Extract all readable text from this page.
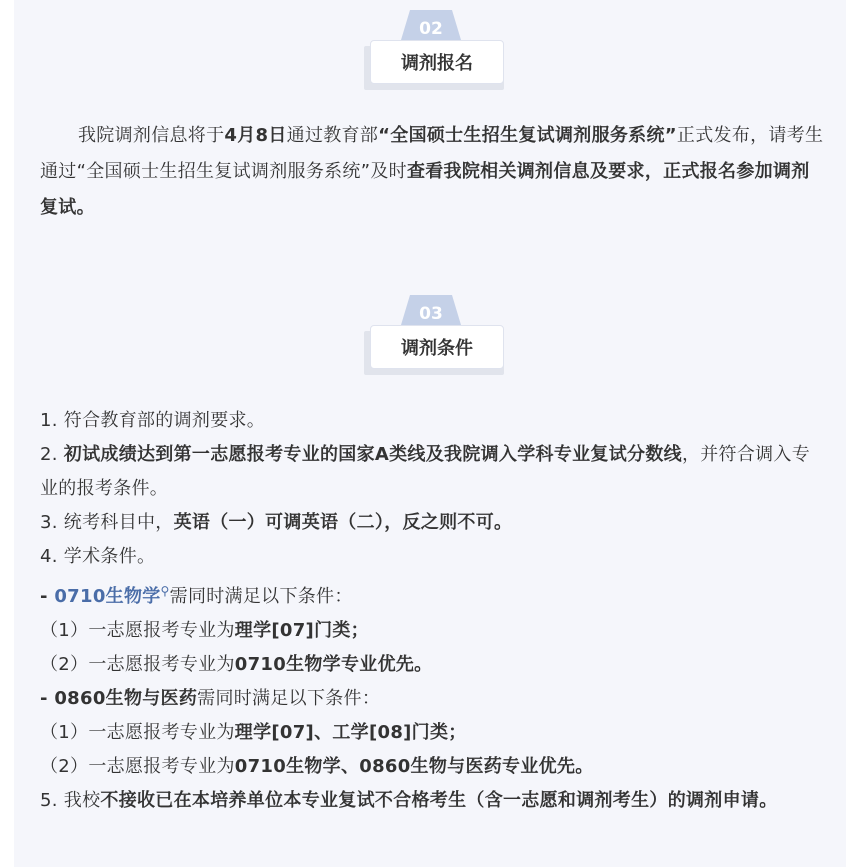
02
调剂报名

我院调剂信息将于4月8日通过教育部“全国硕士生招生复试调剂服务系统”正式发布，请考生通过“全国硕士生招生复试调剂服务系统”及时查看我院相关调剂信息及要求，正式报名参加调剂复试。

03
调剂条件

1. 符合教育部的调剂要求。

2. 初试成绩达到第一志愿报考专业的国家A类线及我院调入学科专业复试分数线，并符合调入专业的报考条件。

3. 统考科目中，英语（一）可调英语（二），反之则不可。

4. 学术条件。

- 0710生物学⚲需同时满足以下条件：

（1）一志愿报考专业为理学[07]门类；

（2）一志愿报考专业为0710生物学专业优先。

- 0860生物与医药需同时满足以下条件：

（1）一志愿报考专业为理学[07]、工学[08]门类；

（2）一志愿报考专业为0710生物学、0860生物与医药专业优先。

5. 我校不接收已在本培养单位本专业复试不合格考生（含一志愿和调剂考生）的调剂申请。
